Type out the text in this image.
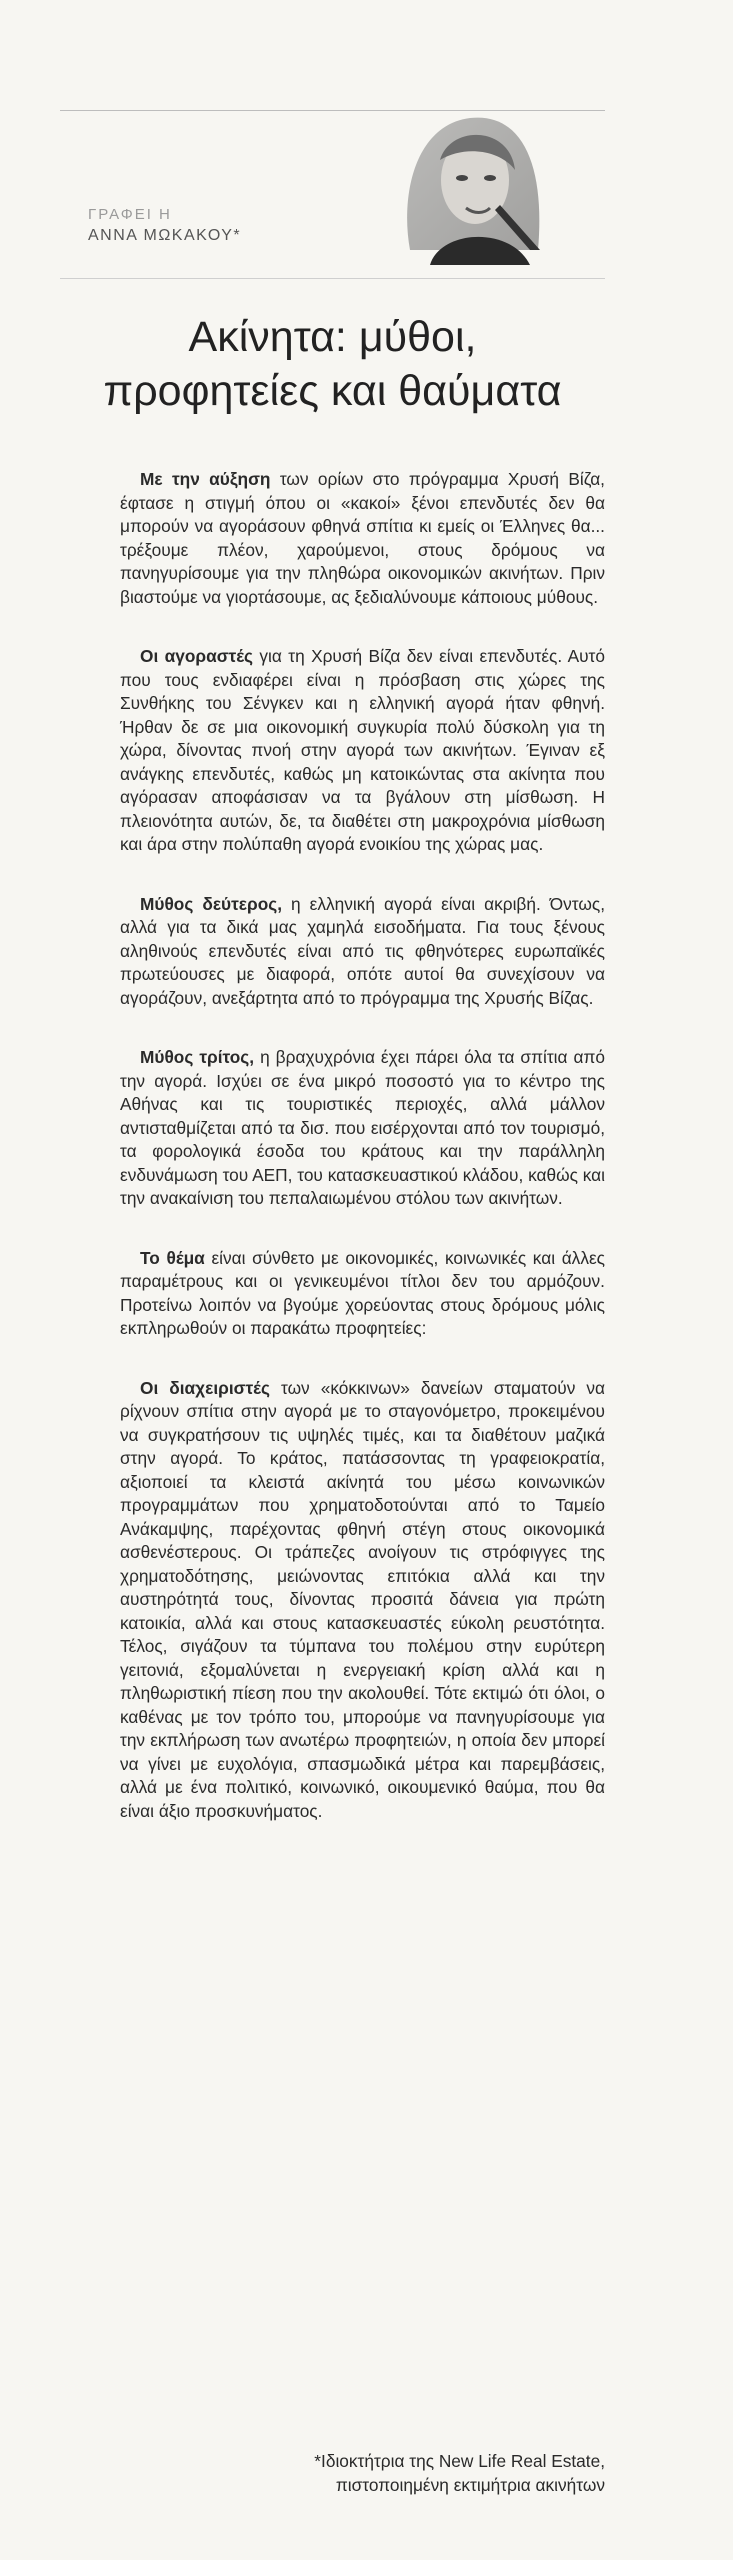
ΓΡΑΦΕΙ Η
ΑΝΝΑ ΜΩΚΑΚΟΥ*
Ακίνητα: μύθοι,
προφητείες και θαύματα

Με την αύξηση των ορίων στο πρόγραμμα Χρυσή Βίζα, έφτασε η στιγμή όπου οι «κακοί» ξένοι επενδυτές δεν θα μπορούν να αγοράσουν φθηνά σπίτια κι εμείς οι Έλληνες θα... τρέξουμε πλέον, χαρούμενοι, στους δρόμους να πανηγυρίσουμε για την πληθώρα οικονομικών ακινήτων. Πριν βιαστούμε να γιορτάσουμε, ας ξεδιαλύνουμε κάποιους μύθους.

Οι αγοραστές για τη Χρυσή Βίζα δεν είναι επενδυτές. Αυτό που τους ενδιαφέρει είναι η πρόσβαση στις χώρες της Συνθήκης του Σένγκεν και η ελληνική αγορά ήταν φθηνή. Ήρθαν δε σε μια οικονομική συγκυρία πολύ δύσκολη για τη χώρα, δίνοντας πνοή στην αγορά των ακινήτων. Έγιναν εξ ανάγκης επενδυτές, καθώς μη κατοικώντας στα ακίνητα που αγόρασαν αποφάσισαν να τα βγάλουν στη μίσθωση. Η πλειονότητα αυτών, δε, τα διαθέτει στη μακροχρόνια μίσθωση και άρα στην πολύπαθη αγορά ενοικίου της χώρας μας.

Μύθος δεύτερος, η ελληνική αγορά είναι ακριβή. Όντως, αλλά για τα δικά μας χαμηλά εισοδήματα. Για τους ξένους αληθινούς επενδυτές είναι από τις φθηνότερες ευρωπαϊκές πρωτεύουσες με διαφορά, οπότε αυτοί θα συνεχίσουν να αγοράζουν, ανεξάρτητα από το πρόγραμμα της Χρυσής Βίζας.

Μύθος τρίτος, η βραχυχρόνια έχει πάρει όλα τα σπίτια από την αγορά. Ισχύει σε ένα μικρό ποσοστό για το κέντρο της Αθήνας και τις τουριστικές περιοχές, αλλά μάλλον αντισταθμίζεται από τα δισ. που εισέρχονται από τον τουρισμό, τα φορολογικά έσοδα του κράτους και την παράλληλη ενδυνάμωση του ΑΕΠ, του κατασκευαστικού κλάδου, καθώς και την ανακαίνιση του πεπαλαιωμένου στόλου των ακινήτων.

Το θέμα είναι σύνθετο με οικονομικές, κοινωνικές και άλλες παραμέτρους και οι γενικευμένοι τίτλοι δεν του αρμόζουν. Προτείνω λοιπόν να βγούμε χορεύοντας στους δρόμους μόλις εκπληρωθούν οι παρακάτω προφητείες:

Οι διαχειριστές των «κόκκινων» δανείων σταματούν να ρίχνουν σπίτια στην αγορά με το σταγονόμετρο, προκειμένου να συγκρατήσουν τις υψηλές τιμές, και τα διαθέτουν μαζικά στην αγορά. Το κράτος, πατάσσοντας τη γραφειοκρατία, αξιοποιεί τα κλειστά ακίνητά του μέσω κοινωνικών προγραμμάτων που χρηματοδοτούνται από το Ταμείο Ανάκαμψης, παρέχοντας φθηνή στέγη στους οικονομικά ασθενέστερους. Οι τράπεζες ανοίγουν τις στρόφιγγες της χρηματοδότησης, μειώνοντας επιτόκια αλλά και την αυστηρότητά τους, δίνοντας προσιτά δάνεια για πρώτη κατοικία, αλλά και στους κατασκευαστές εύκολη ρευστότητα. Τέλος, σιγάζουν τα τύμπανα του πολέμου στην ευρύτερη γειτονιά, εξομαλύνεται η ενεργειακή κρίση αλλά και η πληθωριστική πίεση που την ακολουθεί. Τότε εκτιμώ ότι όλοι, ο καθένας με τον τρόπο του, μπορούμε να πανηγυρίσουμε για την εκπλήρωση των ανωτέρω προφητειών, η οποία δεν μπορεί να γίνει με ευχολόγια, σπασμωδικά μέτρα και παρεμβάσεις, αλλά με ένα πολιτικό, κοινωνικό, οικουμενικό θαύμα, που θα είναι άξιο προσκυνήματος.

*Ιδιοκτήτρια της New Life Real Estate,
πιστοποιημένη εκτιμήτρια ακινήτων
